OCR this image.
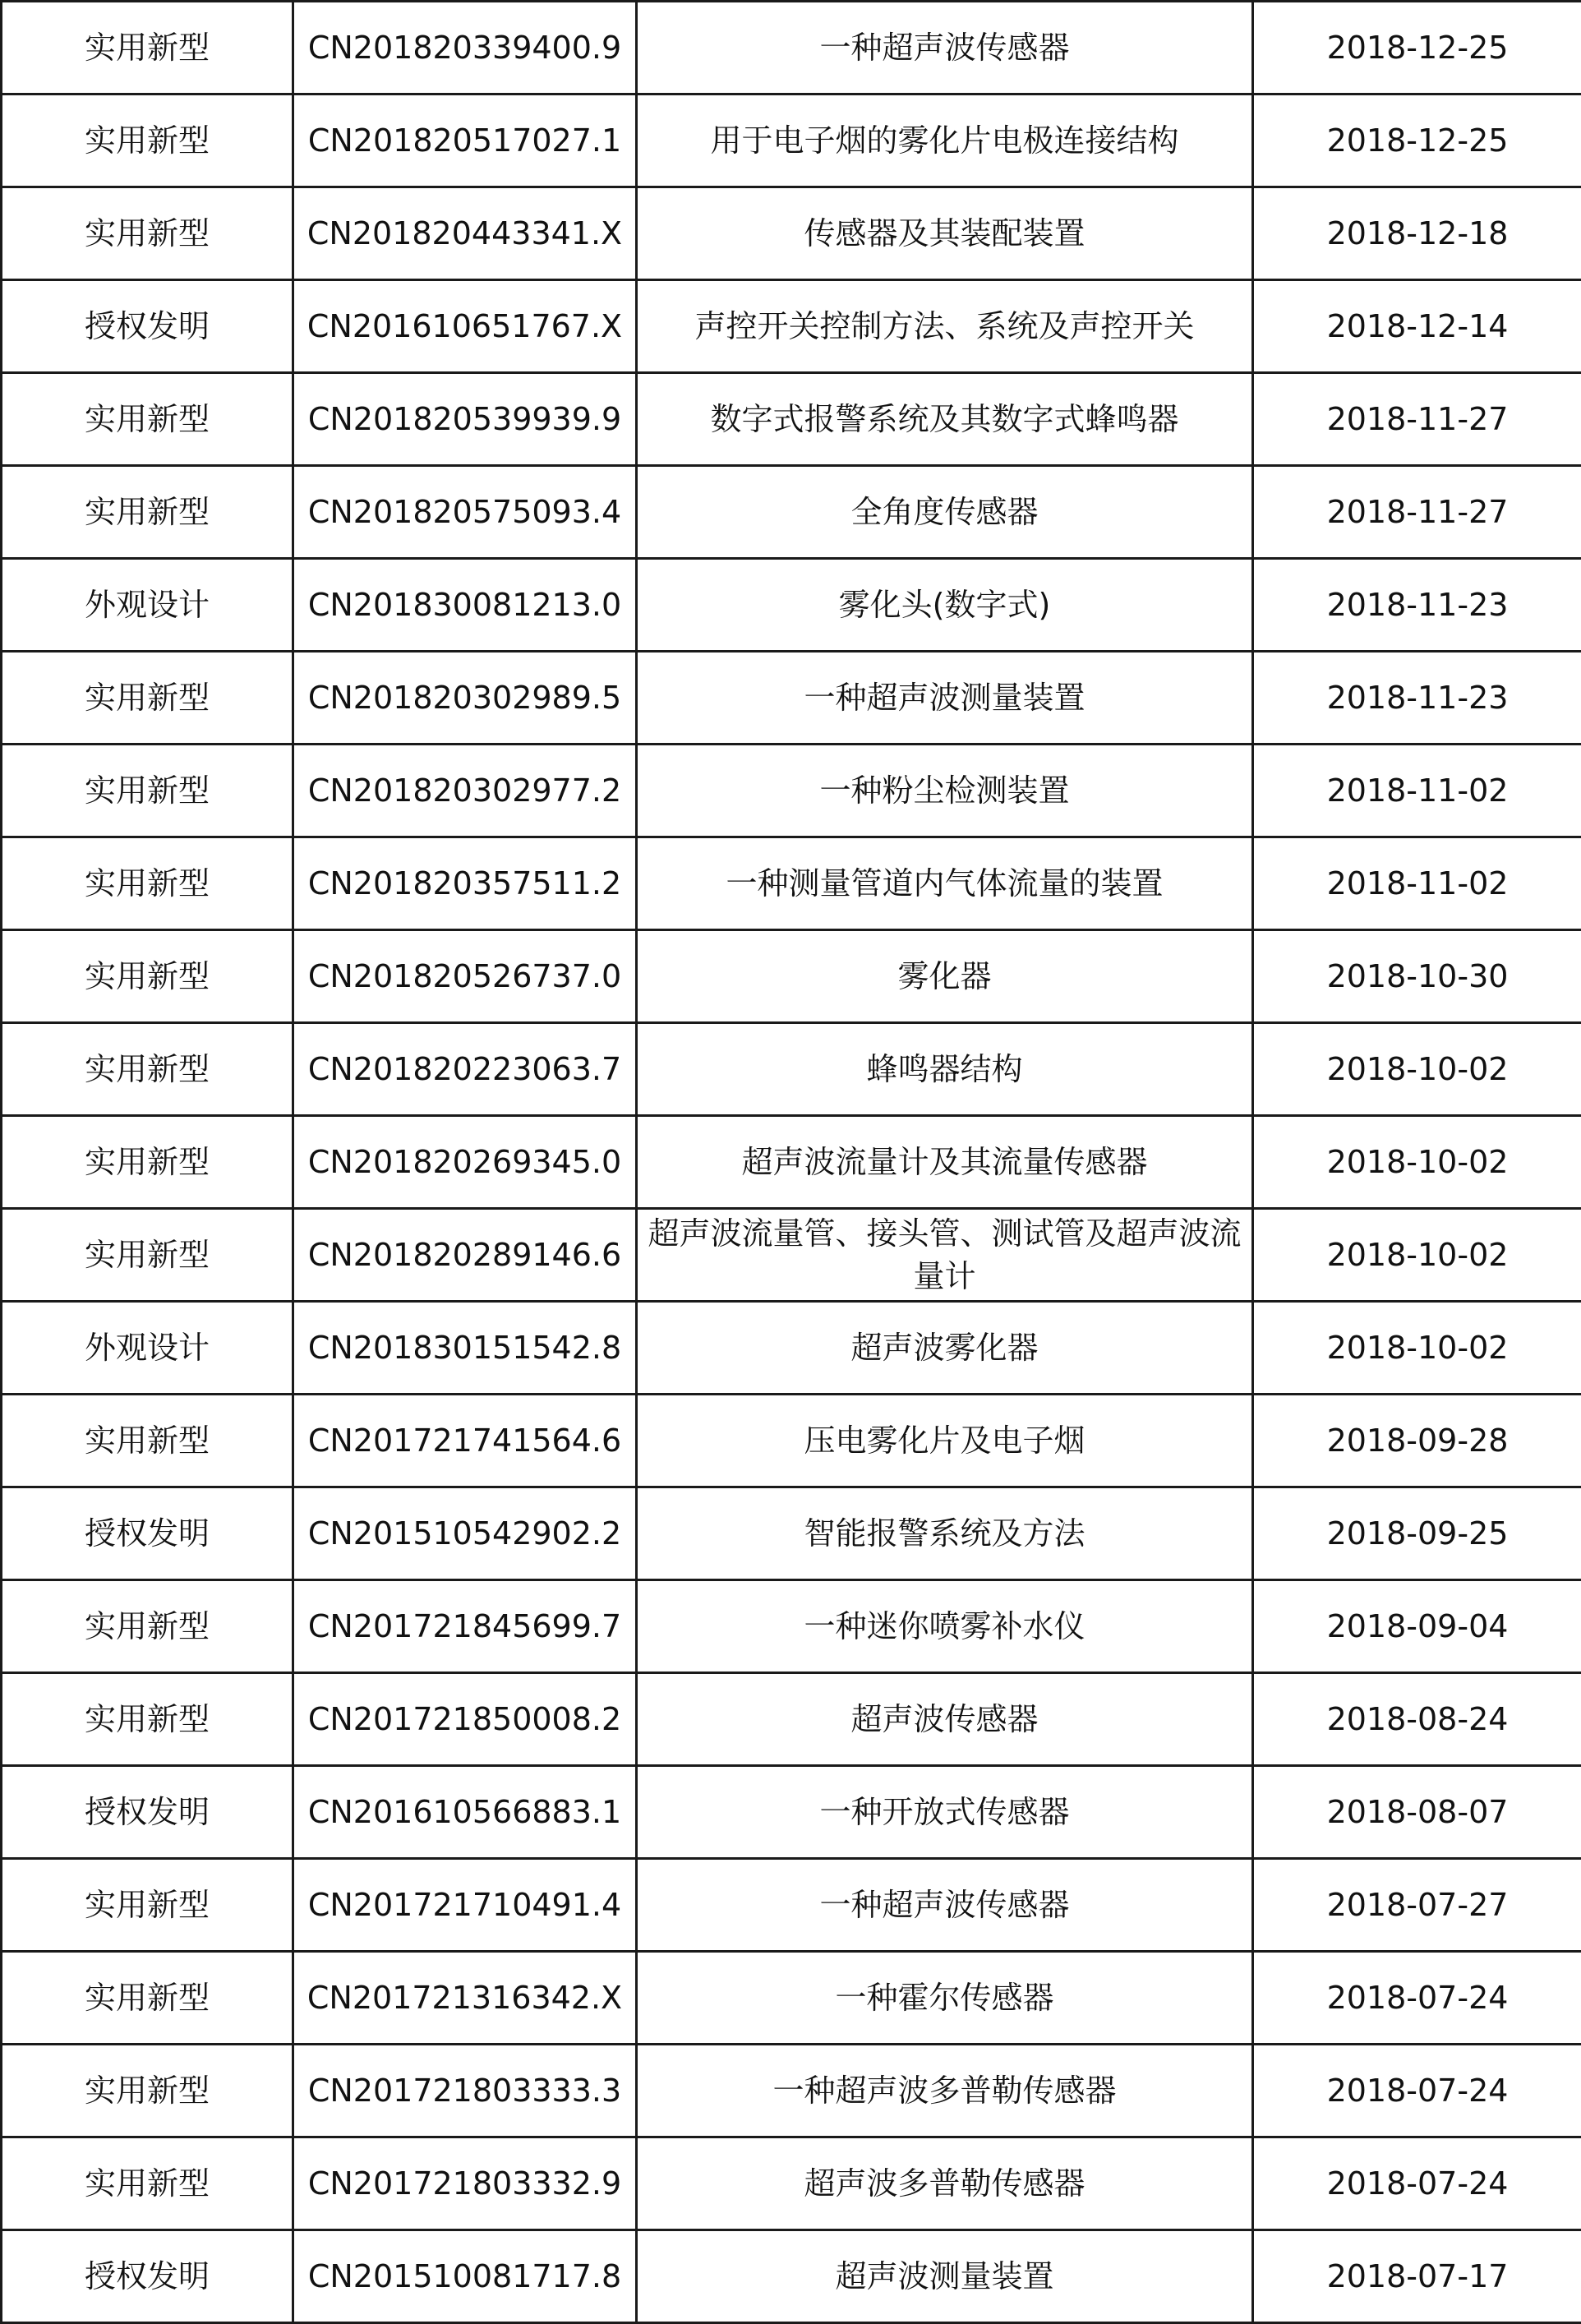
实用新型	CN201820339400.9	一种超声波传感器	2018-12-25
实用新型	CN201820517027.1	用于电子烟的雾化片电极连接结构	2018-12-25
实用新型	CN201820443341.X	传感器及其装配装置	2018-12-18
授权发明	CN201610651767.X	声控开关控制方法、系统及声控开关	2018-12-14
实用新型	CN201820539939.9	数字式报警系统及其数字式蜂鸣器	2018-11-27
实用新型	CN201820575093.4	全角度传感器	2018-11-27
外观设计	CN201830081213.0	雾化头(数字式)	2018-11-23
实用新型	CN201820302989.5	一种超声波测量装置	2018-11-23
实用新型	CN201820302977.2	一种粉尘检测装置	2018-11-02
实用新型	CN201820357511.2	一种测量管道内气体流量的装置	2018-11-02
实用新型	CN201820526737.0	雾化器	2018-10-30
实用新型	CN201820223063.7	蜂鸣器结构	2018-10-02
实用新型	CN201820269345.0	超声波流量计及其流量传感器	2018-10-02
实用新型	CN201820289146.6	超声波流量管、接头管、测试管及超声波流量计	2018-10-02
外观设计	CN201830151542.8	超声波雾化器	2018-10-02
实用新型	CN201721741564.6	压电雾化片及电子烟	2018-09-28
授权发明	CN201510542902.2	智能报警系统及方法	2018-09-25
实用新型	CN201721845699.7	一种迷你喷雾补水仪	2018-09-04
实用新型	CN201721850008.2	超声波传感器	2018-08-24
授权发明	CN201610566883.1	一种开放式传感器	2018-08-07
实用新型	CN201721710491.4	一种超声波传感器	2018-07-27
实用新型	CN201721316342.X	一种霍尔传感器	2018-07-24
实用新型	CN201721803333.3	一种超声波多普勒传感器	2018-07-24
实用新型	CN201721803332.9	超声波多普勒传感器	2018-07-24
授权发明	CN201510081717.8	超声波测量装置	2018-07-17
